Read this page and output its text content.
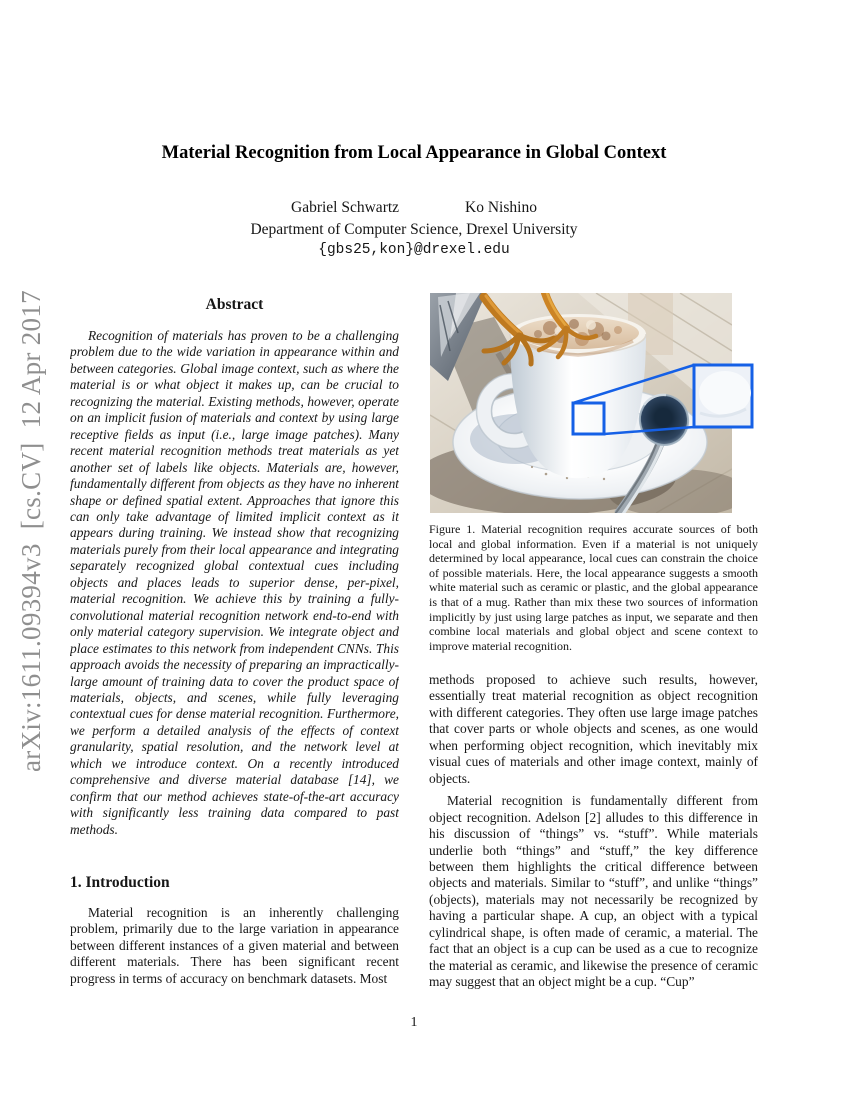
arXiv:1611.09394v3  [cs.CV]  12 Apr 2017
Material Recognition from Local Appearance in Global Context
Gabriel Schwartz	Ko Nishino
Department of Computer Science, Drexel University
{gbs25,kon}@drexel.edu
Abstract

Recognition of materials has proven to be a challenging problem due to the wide variation in appearance within and between categories. Global image context, such as where the material is or what object it makes up, can be crucial to recognizing the material. Existing methods, however, operate on an implicit fusion of materials and context by using large receptive fields as input (i.e., large image patches). Many recent material recognition methods treat materials as yet another set of labels like objects. Materials are, however, fundamentally different from objects as they have no inherent shape or defined spatial extent. Approaches that ignore this can only take advantage of limited implicit context as it appears during training. We instead show that recognizing materials purely from their local appearance and integrating separately recognized global contextual cues including objects and places leads to superior dense, per-pixel, material recognition. We achieve this by training a fully-convolutional material recognition network end-to-end with only material category supervision. We integrate object and place estimates to this network from independent CNNs. This approach avoids the necessity of preparing an impractically-large amount of training data to cover the product space of materials, objects, and scenes, while fully leveraging contextual cues for dense material recognition. Furthermore, we perform a detailed analysis of the effects of context granularity, spatial resolution, and the network level at which we introduce context. On a recently introduced comprehensive and diverse material database [14], we confirm that our method achieves state-of-the-art accuracy with significantly less training data compared to past methods.

1. Introduction

Material recognition is an inherently challenging problem, primarily due to the large variation in appearance between different instances of a given material and between different materials. There has been significant recent progress in terms of accuracy on benchmark datasets. Most

Figure 1. Material recognition requires accurate sources of both local and global information. Even if a material is not uniquely determined by local appearance, local cues can constrain the choice of possible materials. Here, the local appearance suggests a smooth white material such as ceramic or plastic, and the global appearance is that of a mug. Rather than mix these two sources of information implicitly by just using large patches as input, we separate and then combine local materials and global object and scene context to improve material recognition.

methods proposed to achieve such results, however, essentially treat material recognition as object recognition with different categories. They often use large image patches that cover parts or whole objects and scenes, as one would when performing object recognition, which inevitably mix visual cues of materials and other image context, mainly of objects.

Material recognition is fundamentally different from object recognition. Adelson [2] alludes to this difference in his discussion of “things” vs. “stuff”. While materials underlie both “things” and “stuff,” the key difference between them highlights the critical difference between objects and materials. Similar to “stuff”, and unlike “things” (objects), materials may not necessarily be recognized by having a particular shape. A cup, an object with a typical cylindrical shape, is often made of ceramic, a material. The fact that an object is a cup can be used as a cue to recognize the material as ceramic, and likewise the presence of ceramic may suggest that an object might be a cup. “Cup”

1
